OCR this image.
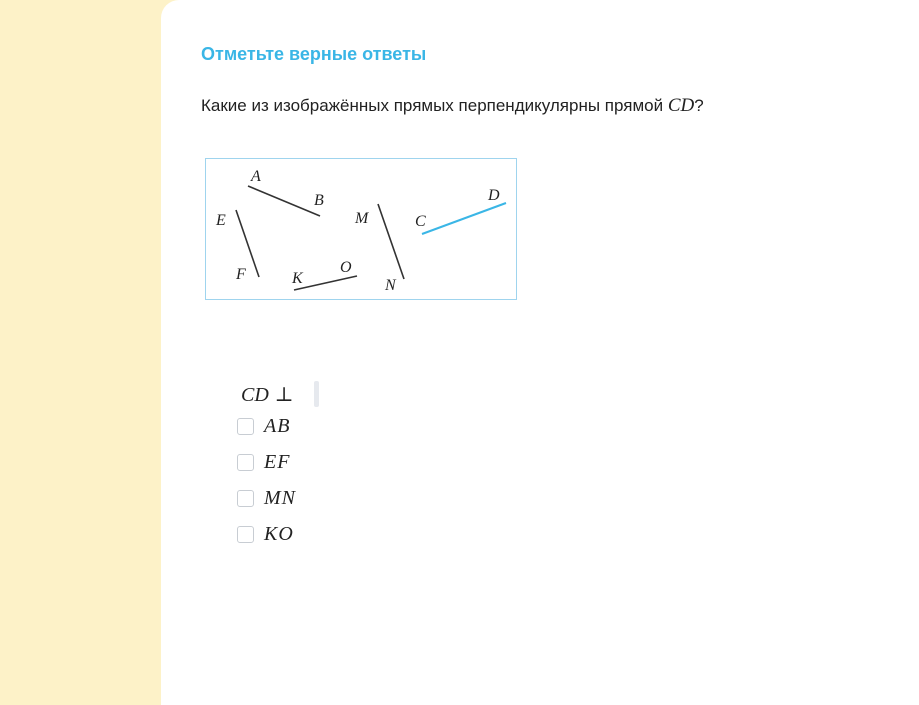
Отметьте верные ответы
Какие из изображённых прямых перпендикулярны прямой CD?
A
B
E
F	K
O
M
N
C
D
CD ⊥
AB
EF
MN
KO
